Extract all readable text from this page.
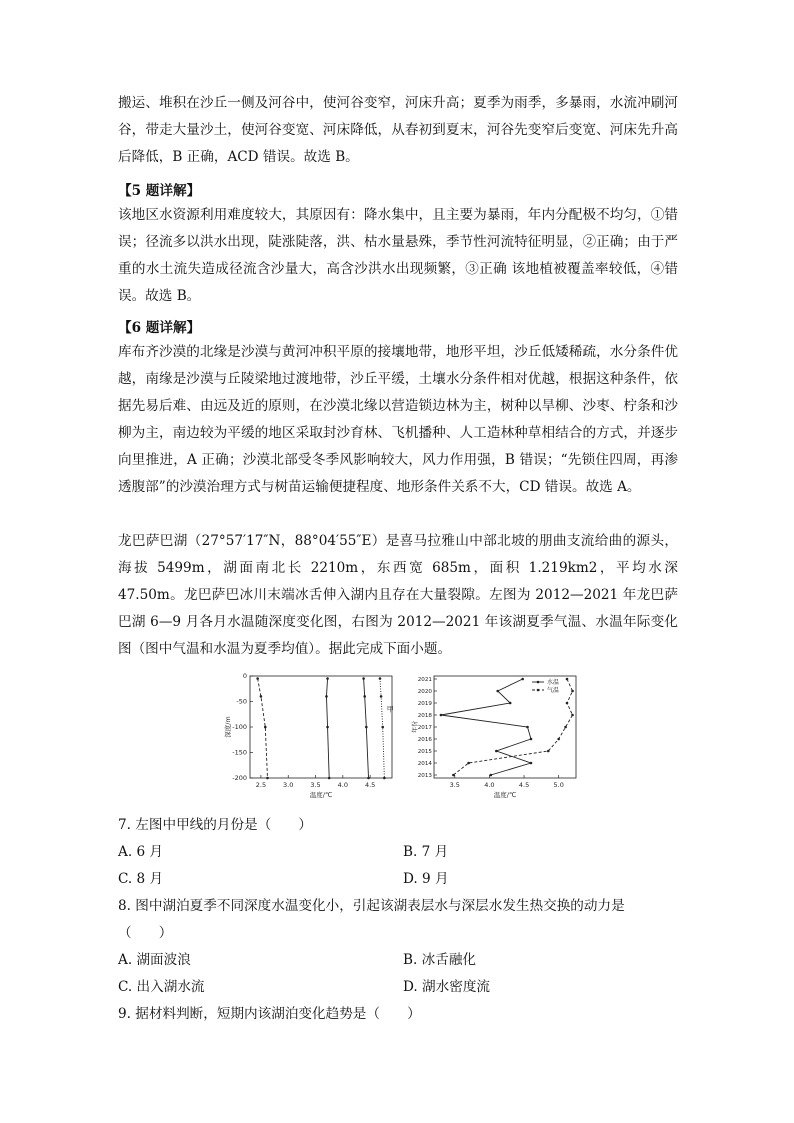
搬运、堆积在沙丘一侧及河谷中，使河谷变窄，河床升高；夏季为雨季，多暴雨，水流冲刷河谷，带走大量沙土，使河谷变宽、河床降低，从春初到夏末，河谷先变窄后变宽、河床先升高后降低，B 正确，ACD 错误。故选 B。
【5 题详解】
该地区水资源利用难度较大，其原因有：降水集中，且主要为暴雨，年内分配极不均匀，①错误；径流多以洪水出现，陡涨陡落，洪、枯水量悬殊，季节性河流特征明显，②正确；由于严重的水土流失造成径流含沙量大，高含沙洪水出现频繁，③正确 该地植被覆盖率较低，④错误。故选 B。
【6 题详解】
库布齐沙漠的北缘是沙漠与黄河冲积平原的接壤地带，地形平坦，沙丘低矮稀疏，水分条件优越，南缘是沙漠与丘陵梁地过渡地带，沙丘平缓，土壤水分条件相对优越，根据这种条件，依据先易后难、由远及近的原则，在沙漠北缘以营造锁边林为主，树种以旱柳、沙枣、柠条和沙柳为主，南边较为平缓的地区采取封沙育林、飞机播种、人工造林种草相结合的方式，并逐步向里推进，A 正确；沙漠北部受冬季风影响较大，风力作用强，B 错误；“先锁住四周，再渗透腹部”的沙漠治理方式与树苗运输便捷程度、地形条件关系不大，CD 错误。故选 A。
龙巴萨巴湖（27°57′17″N，88°04′55″E）是喜马拉雅山中部北坡的朋曲支流给曲的源头，海拔 5499m，湖面南北长 2210m，东西宽 685m，面积 1.219km2，平均水深 47.50m。龙巴萨巴冰川末端冰舌伸入湖内且存在大量裂隙。左图为 2012—2021 年龙巴萨巴湖 6—9 月各月水温随深度变化图，右图为 2012—2021 年该湖夏季气温、水温年际变化图（图中气温和水温为夏季均值）。据此完成下面小题。
2.5	3.0	3.5	4.0	4.5
0
-50
-100
-150
-200
温度/℃
深度/m
甲
3.5	4.0	4.5	5.0
2021
2020
2019
2018
2017
2016
2015
2014
2013
温度/℃
年份
水温
气温
7. 左图中甲线的月份是（　　）
A. 6 月	B. 7 月
C. 8 月	D. 9 月
8. 图中湖泊夏季不同深度水温变化小，引起该湖表层水与深层水发生热交换的动力是
（　　）
A. 湖面波浪	B. 冰舌融化
C. 出入湖水流	D. 湖水密度流
9. 据材料判断，短期内该湖泊变化趋势是（　　）
